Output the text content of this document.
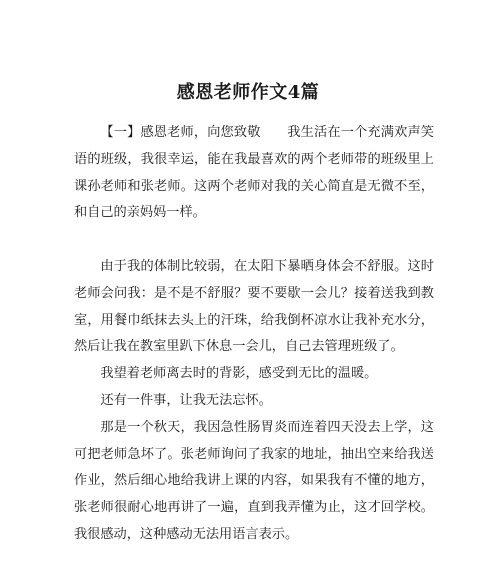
感恩老师作文4篇

【一】感恩老师，向您致敬　　我生活在一个充满欢声笑语的班级，我很幸运，能在我最喜欢的两个老师带的班级里上课孙老师和张老师。这两个老师对我的关心简直是无微不至，和自己的亲妈妈一样。

由于我的体制比较弱，在太阳下暴晒身体会不舒服。这时老师会问我：是不是不舒服？要不要歇一会儿？接着送我到教室，用餐巾纸抹去头上的汗珠，给我倒杯凉水让我补充水分，然后让我在教室里趴下休息一会儿，自己去管理班级了。

我望着老师离去时的背影，感受到无比的温暖。

还有一件事，让我无法忘怀。

那是一个秋天，我因急性肠胃炎而连着四天没去上学，这可把老师急坏了。张老师询问了我家的地址，抽出空来给我送作业，然后细心地给我讲上课的内容，如果我有不懂的地方，张老师很耐心地再讲了一遍，直到我弄懂为止，这才回学校。我很感动，这种感动无法用语言表示。
